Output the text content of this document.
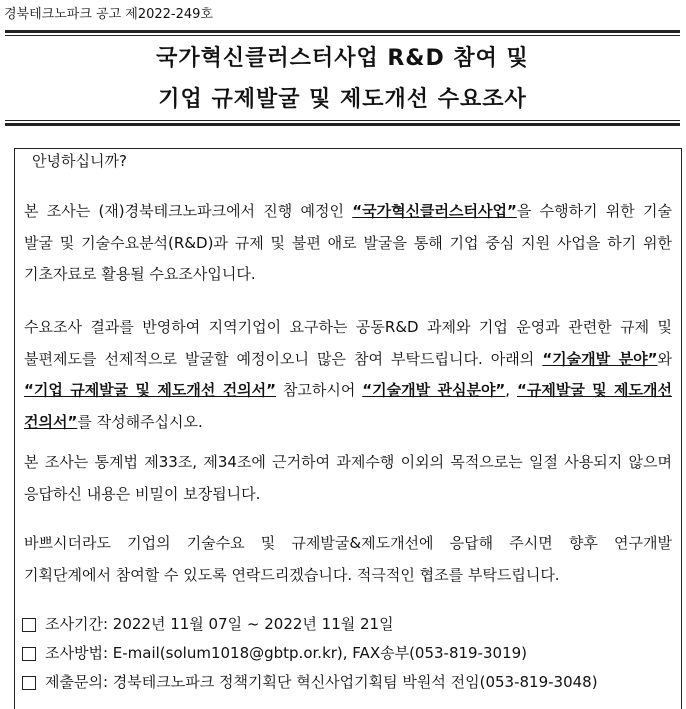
경북테크노파크 공고 제2022-249호
국가혁신클러스터사업 R&D 참여 및
기업 규제발굴 및 제도개선 수요조사
안녕하십니까?

본 조사는 (재)경북테크노파크에서 진행 예정인 “국가혁신클러스터사업”을 수행하기 위한 기술 발굴 및 기술수요분석(R&D)과 규제 및 불편 애로 발굴을 통해 기업 중심 지원 사업을 하기 위한 기초자료로 활용될 수요조사입니다.

수요조사 결과를 반영하여 지역기업이 요구하는 공동R&D 과제와 기업 운영과 관련한 규제 및 불편제도를 선제적으로 발굴할 예정이오니 많은 참여 부탁드립니다. 아래의 “기술개발 분야”와 “기업 규제발굴 및 제도개선 건의서” 참고하시어 “기술개발 관심분야”, “규제발굴 및 제도개선 건의서”를 작성해주십시오.

본 조사는 통계법 제33조, 제34조에 근거하여 과제수행 이외의 목적으로는 일절 사용되지 않으며 응답하신 내용은 비밀이 보장됩니다.

바쁘시더라도 기업의 기술수요 및 규제발굴&제도개선에 응답해 주시면 향후 연구개발 기획단계에서 참여할 수 있도록 연락드리겠습니다. 적극적인 협조를 부탁드립니다.

조사기간: 2022년 11월 07일 ~ 2022년 11월 21일
조사방법: E-mail(solum1018@gbtp.or.kr), FAX송부(053-819-3019)
제출문의: 경북테크노파크 정책기획단 혁신사업기획팀 박원석 전임(053-819-3048)
